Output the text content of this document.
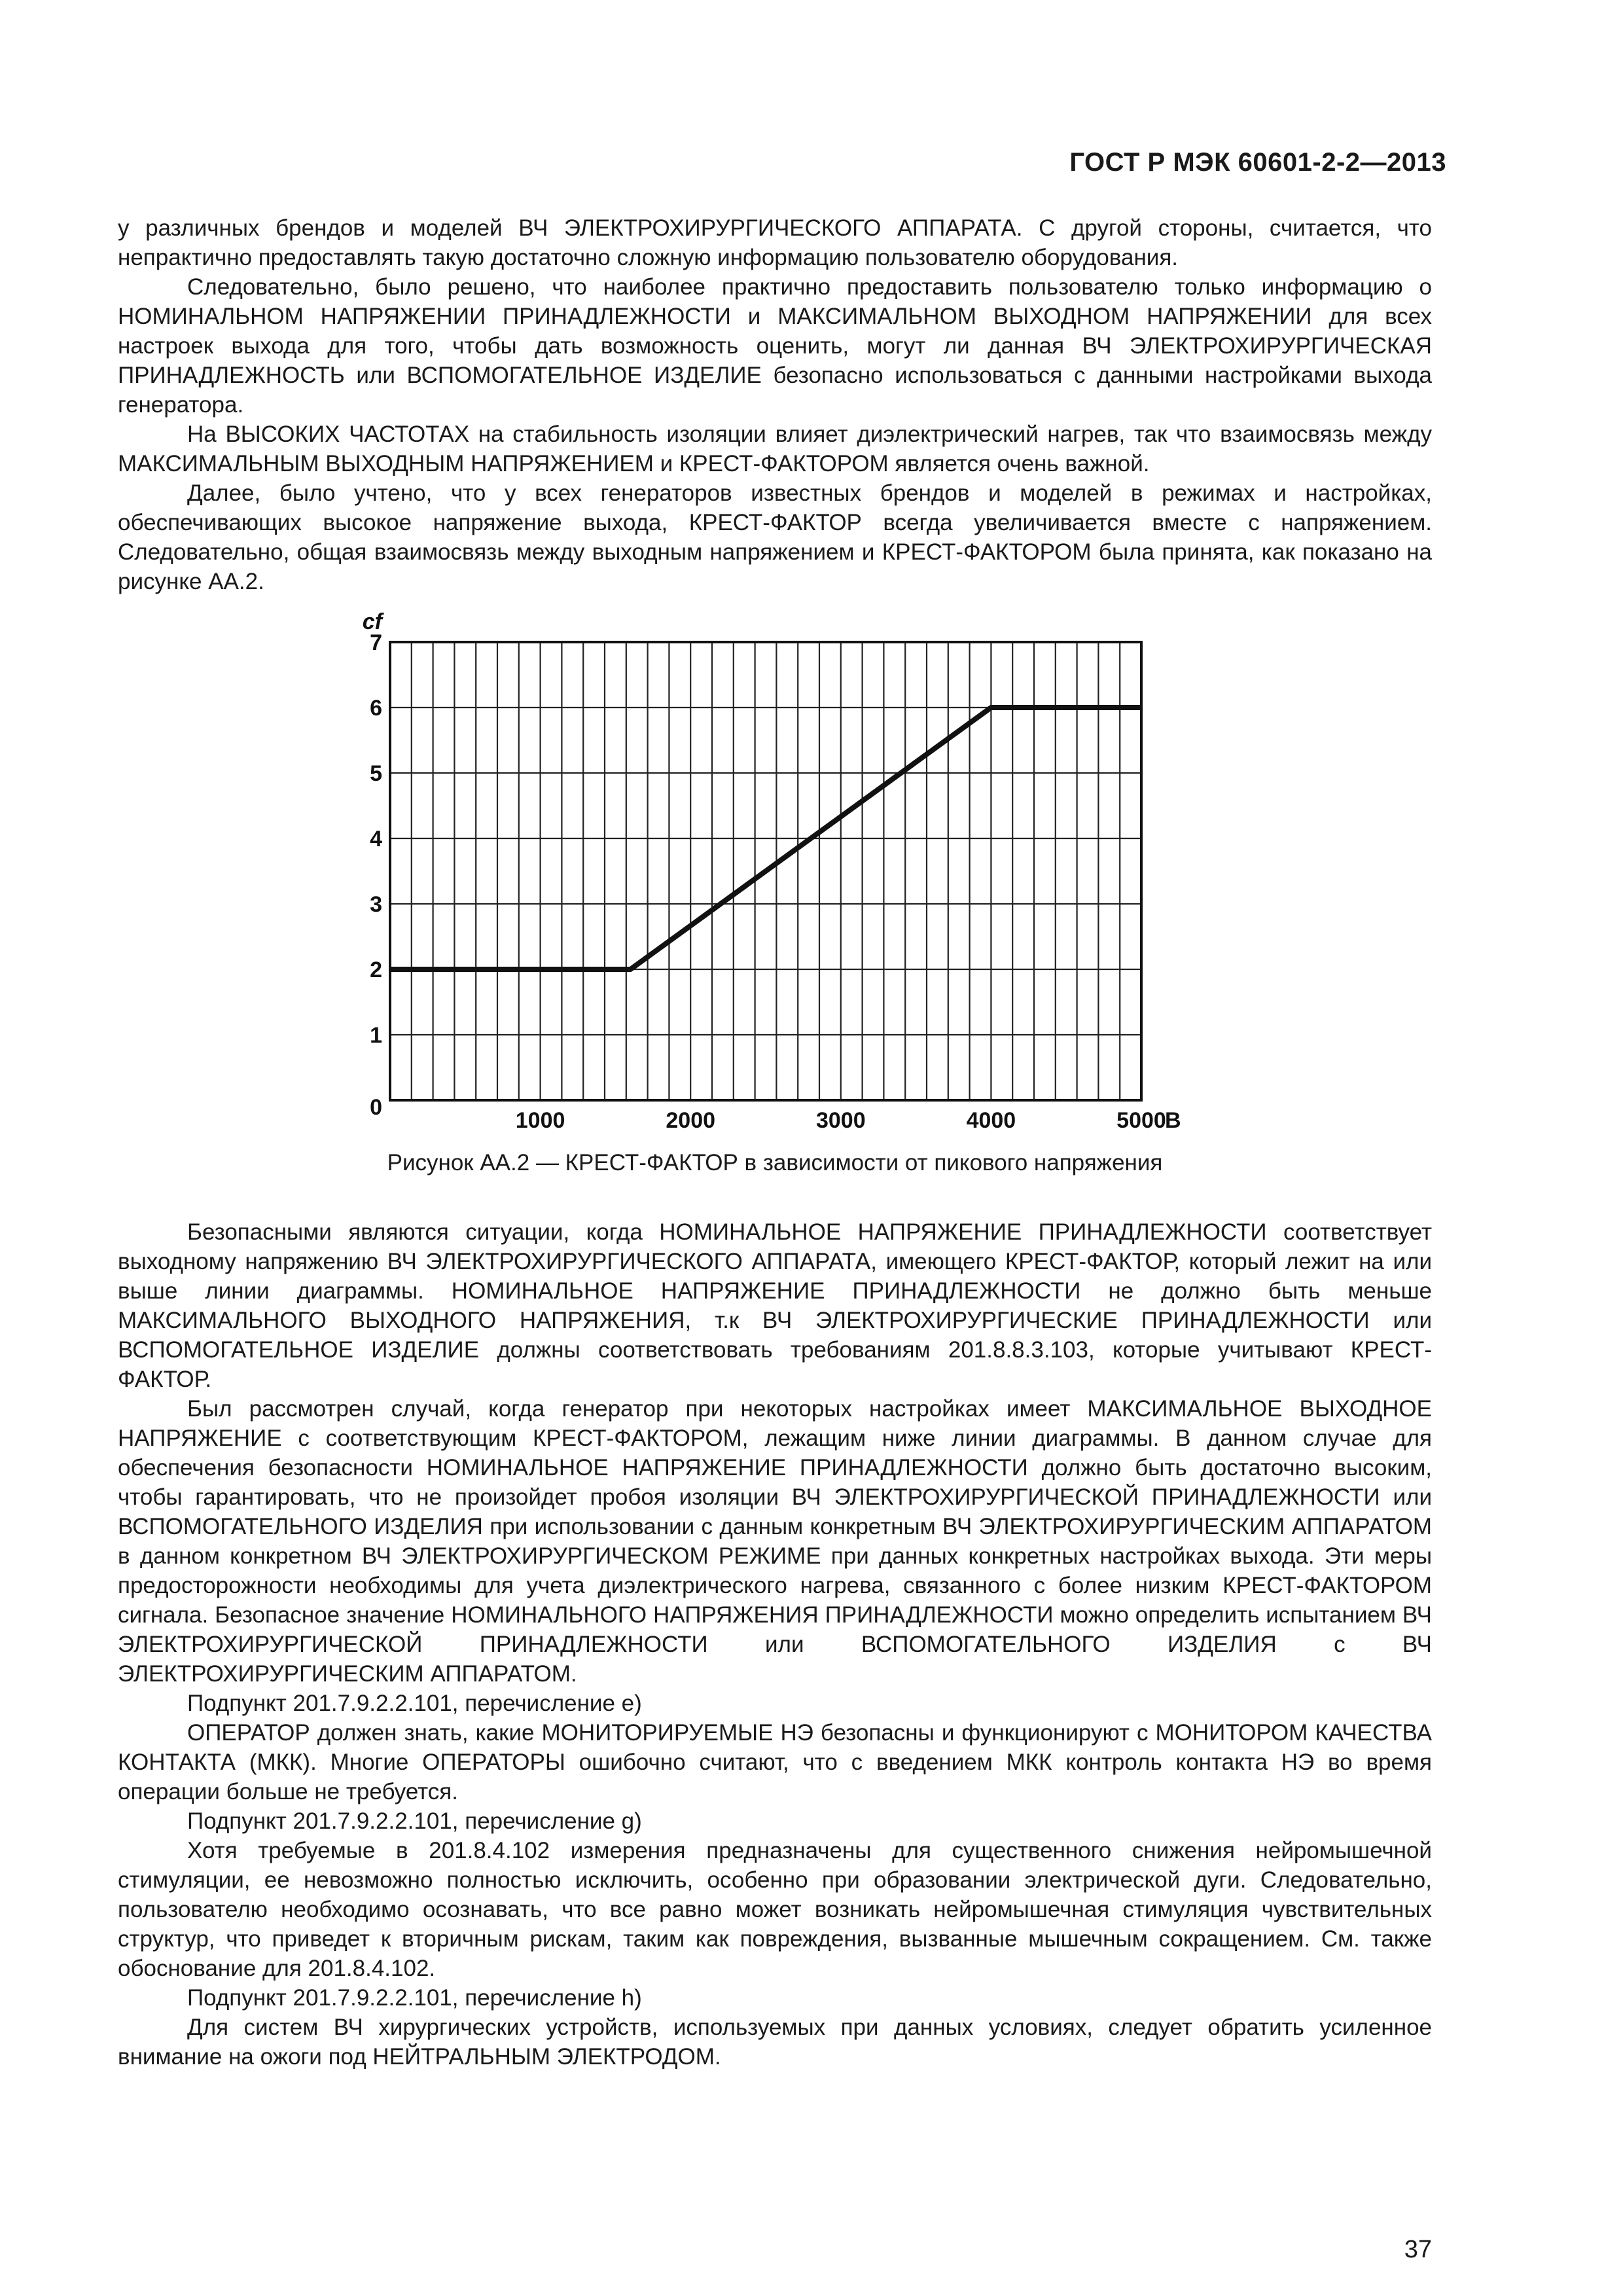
ГОСТ Р МЭК 60601-2-2—2013

у различных брендов и моделей ВЧ ЭЛЕКТРОХИРУРГИЧЕСКОГО АППАРАТА. С другой стороны, считается, что непрактично предоставлять такую достаточно сложную информацию пользователю оборудования.

Следовательно, было решено, что наиболее практично предоставить пользователю только информацию о НОМИНАЛЬНОМ НАПРЯЖЕНИИ ПРИНАДЛЕЖНОСТИ и МАКСИМАЛЬНОМ ВЫХОДНОМ НАПРЯЖЕНИИ для всех настроек выхода для того, чтобы дать возможность оценить, могут ли данная ВЧ ЭЛЕКТРОХИРУРГИЧЕСКАЯ ПРИНАДЛЕЖНОСТЬ или ВСПОМОГАТЕЛЬНОЕ ИЗДЕЛИЕ безопасно использоваться с данными настройками выхода генератора.

На ВЫСОКИХ ЧАСТОТАХ на стабильность изоляции влияет диэлектрический нагрев, так что взаимосвязь между МАКСИМАЛЬНЫМ ВЫХОДНЫМ НАПРЯЖЕНИЕМ и КРЕСТ-ФАКТОРОМ является очень важной.

Далее, было учтено, что у всех генераторов известных брендов и моделей в режимах и настройках, обеспечивающих высокое напряжение выхода, КРЕСТ-ФАКТОР всегда увеличивается вместе с напряжением. Следовательно, общая взаимосвязь между выходным напряжением и КРЕСТ-ФАКТОРОМ была принята, как показано на рисунке АА.2.

1
2
3
4
5
6
7
1000	2000	3000	4000	5000
0
cf
В
Рисунок АА.2 — КРЕСТ-ФАКТОР в зависимости от пикового напряжения

Безопасными являются ситуации, когда НОМИНАЛЬНОЕ НАПРЯЖЕНИЕ ПРИНАДЛЕЖНОСТИ соответствует выходному напряжению ВЧ ЭЛЕКТРОХИРУРГИЧЕСКОГО АППАРАТА, имеющего КРЕСТ-ФАКТОР, который лежит на или выше линии диаграммы. НОМИНАЛЬНОЕ НАПРЯЖЕНИЕ ПРИНАДЛЕЖНОСТИ не должно быть меньше МАКСИМАЛЬНОГО ВЫХОДНОГО НАПРЯЖЕНИЯ, т.к ВЧ ЭЛЕКТРОХИРУРГИЧЕСКИЕ ПРИНАДЛЕЖНОСТИ или ВСПОМОГАТЕЛЬНОЕ ИЗДЕЛИЕ должны соответствовать требованиям 201.8.8.3.103, которые учитывают КРЕСТ-ФАКТОР.

Был рассмотрен случай, когда генератор при некоторых настройках имеет МАКСИМАЛЬНОЕ ВЫХОДНОЕ НАПРЯЖЕНИЕ с соответствующим КРЕСТ-ФАКТОРОМ, лежащим ниже линии диаграммы. В данном случае для обеспечения безопасности НОМИНАЛЬНОЕ НАПРЯЖЕНИЕ ПРИНАДЛЕЖНОСТИ должно быть достаточно высоким, чтобы гарантировать, что не произойдет пробоя изоляции ВЧ ЭЛЕКТРОХИРУРГИЧЕСКОЙ ПРИНАДЛЕЖНОСТИ или ВСПОМОГАТЕЛЬНОГО ИЗДЕЛИЯ при использовании с данным конкретным ВЧ ЭЛЕКТРОХИРУРГИЧЕСКИМ АППАРАТОМ в данном конкретном ВЧ ЭЛЕКТРОХИРУРГИЧЕСКОМ РЕЖИМЕ при данных конкретных настройках выхода. Эти меры предосторожности необходимы для учета диэлектрического нагрева, связанного с более низким КРЕСТ-ФАКТОРОМ сигнала. Безопасное значение НОМИНАЛЬНОГО НАПРЯЖЕНИЯ ПРИНАДЛЕЖНОСТИ можно определить испытанием ВЧ ЭЛЕКТРОХИРУРГИЧЕСКОЙ ПРИНАДЛЕЖНОСТИ или ВСПОМОГАТЕЛЬНОГО ИЗДЕЛИЯ с ВЧ ЭЛЕКТРОХИРУРГИЧЕСКИМ АППАРАТОМ.

Подпункт 201.7.9.2.2.101, перечисление e)

ОПЕРАТОР должен знать, какие МОНИТОРИРУЕМЫЕ НЭ безопасны и функционируют с МОНИТОРОМ КАЧЕСТВА КОНТАКТА (МКК). Многие ОПЕРАТОРЫ ошибочно считают, что с введением МКК контроль контакта НЭ во время операции больше не требуется.

Подпункт 201.7.9.2.2.101, перечисление g)

Хотя требуемые в 201.8.4.102 измерения предназначены для существенного снижения нейромышечной стимуляции, ее невозможно полностью исключить, особенно при образовании электрической дуги. Следовательно, пользователю необходимо осознавать, что все равно может возникать нейромышечная стимуляция чувствительных структур, что приведет к вторичным рискам, таким как повреждения, вызванные мышечным сокращением. См. также обоснование для 201.8.4.102.

Подпункт 201.7.9.2.2.101, перечисление h)

Для систем ВЧ хирургических устройств, используемых при данных условиях, следует обратить усиленное внимание на ожоги под НЕЙТРАЛЬНЫМ ЭЛЕКТРОДОМ.

37
